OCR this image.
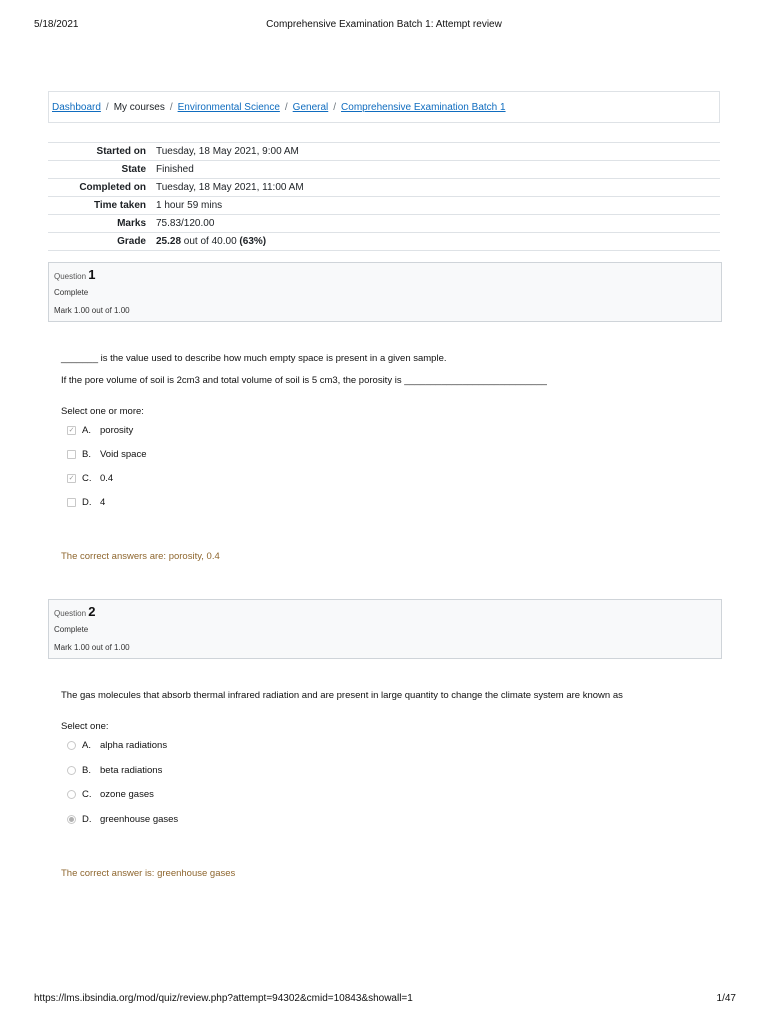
5/18/2021	Comprehensive Examination Batch 1: Attempt review
Dashboard / My courses / Environmental Science / General / Comprehensive Examination Batch 1
Started on	Tuesday, 18 May 2021, 9:00 AM
State	Finished
Completed on	Tuesday, 18 May 2021, 11:00 AM
Time taken	1 hour 59 mins
Marks	75.83/120.00
Grade	25.28 out of 40.00 (63%)
Question 1
Complete
Mark 1.00 out of 1.00
_______ is the value used to describe how much empty space is present in a given sample.
If the pore volume of soil is 2cm3 and total volume of soil is 5 cm3, the porosity is ___________________________
Select one or more:
✓ A. porosity
B. Void space
✓ C. 0.4
D. 4
The correct answers are: porosity, 0.4
Question 2
Complete
Mark 1.00 out of 1.00
The gas molecules that absorb thermal infrared radiation and are present in large quantity to change the climate system are known as
Select one:
A. alpha radiations
B. beta radiations
C. ozone gases
D. greenhouse gases
The correct answer is: greenhouse gases
https://lms.ibsindia.org/mod/quiz/review.php?attempt=94302&cmid=10843&showall=1	1/47
